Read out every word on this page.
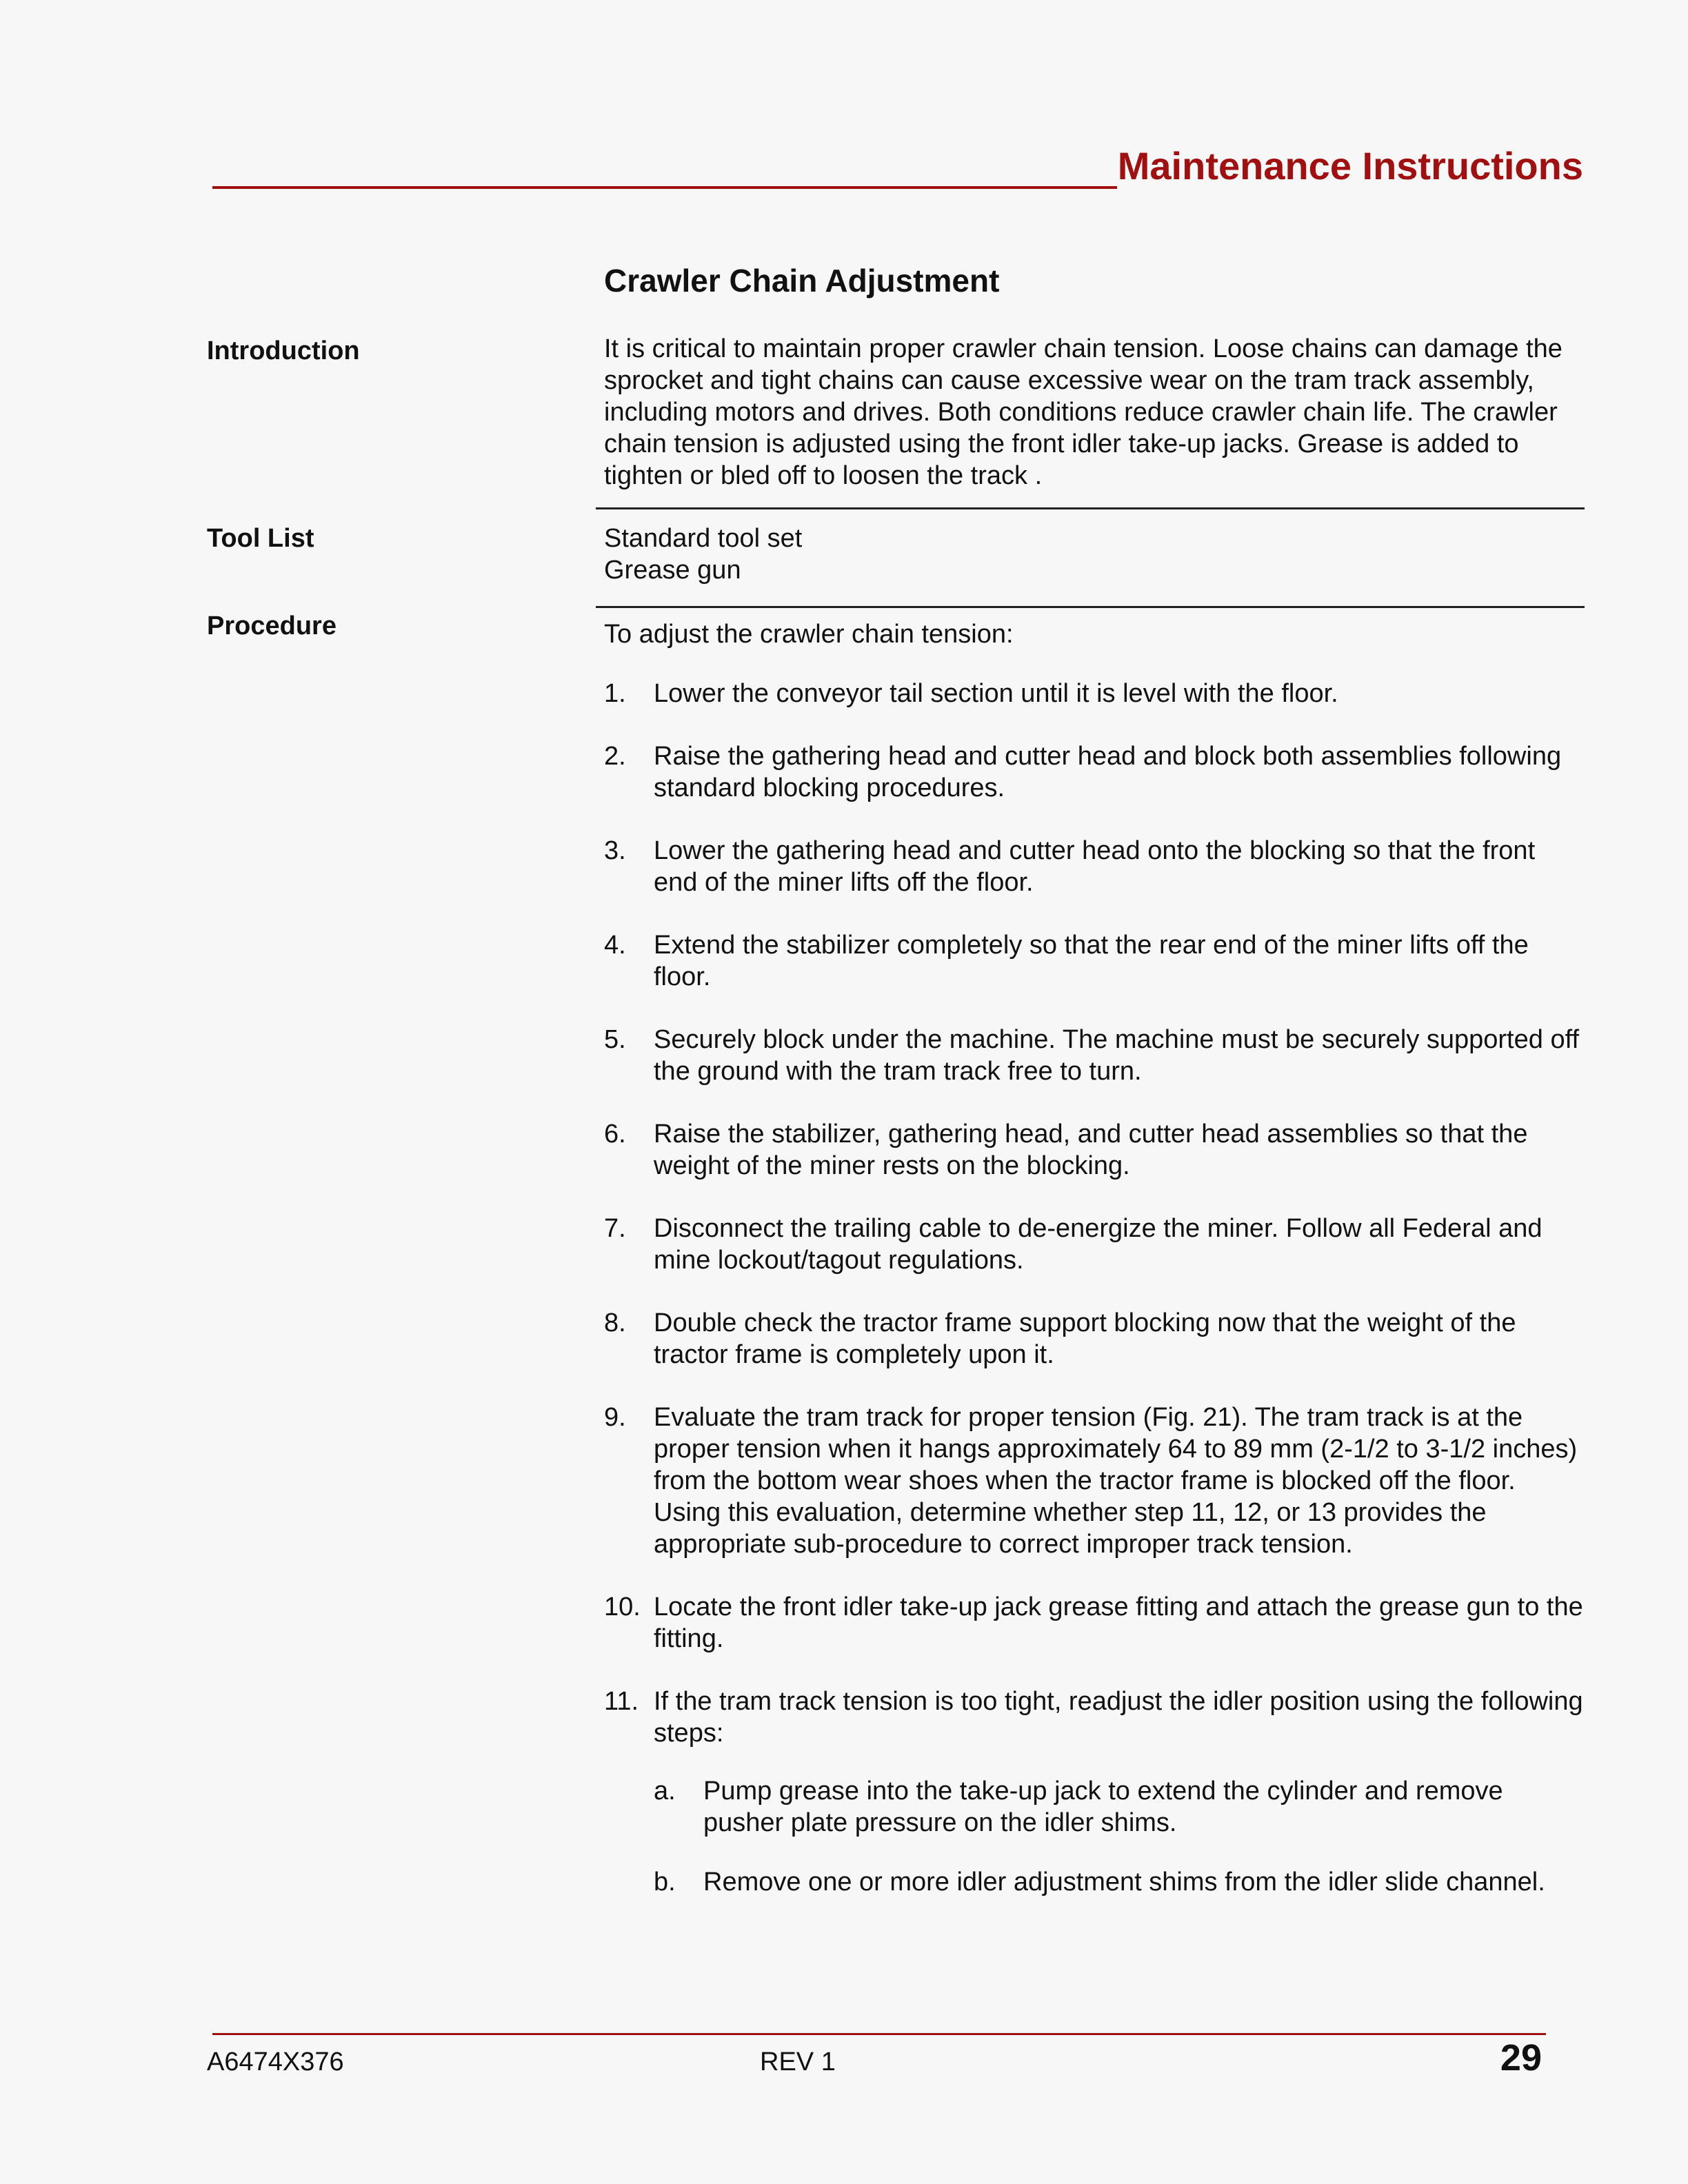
Maintenance Instructions
Crawler Chain Adjustment
Introduction	It is critical to maintain proper crawler chain tension. Loose chains can damage the sprocket and tight chains can cause excessive wear on the tram track assembly, including motors and drives. Both conditions reduce crawler chain life. The crawler chain tension is adjusted using the front idler take-up jacks. Grease is added to tighten or bled off to loosen the track .

Tool List	Standard tool set
Grease gun
Procedure	To adjust the crawler chain tension:

1. Lower the conveyor tail section until it is level with the floor.
2. Raise the gathering head and cutter head and block both assemblies following standard blocking procedures.
3. Lower the gathering head and cutter head onto the blocking so that the front end of the miner lifts off the floor.
4. Extend the stabilizer completely so that the rear end of the miner lifts off the floor.
5. Securely block under the machine. The machine must be securely supported off the ground with the tram track free to turn.
6. Raise the stabilizer, gathering head, and cutter head assemblies so that the weight of the miner rests on the blocking.
7. Disconnect the trailing cable to de-energize the miner. Follow all Federal and mine lockout/tagout regulations.
8. Double check the tractor frame support blocking now that the weight of the tractor frame is completely upon it.
9. Evaluate the tram track for proper tension (Fig. 21). The tram track is at the proper tension when it hangs approximately 64 to 89 mm (2-1/2 to 3-1/2 inches) from the bottom wear shoes when the tractor frame is blocked off the floor. Using this evaluation, determine whether step 11, 12, or 13 provides the appropriate sub-procedure to correct improper track tension.
10. Locate the front idler take-up jack grease fitting and attach the grease gun to the fitting.
11. If the tram track tension is too tight, readjust the idler position using the following steps:
a. Pump grease into the take-up jack to extend the cylinder and remove pusher plate pressure on the idler shims.
b. Remove one or more idler adjustment shims from the idler slide channel.
A6474X376	REV 1	29
